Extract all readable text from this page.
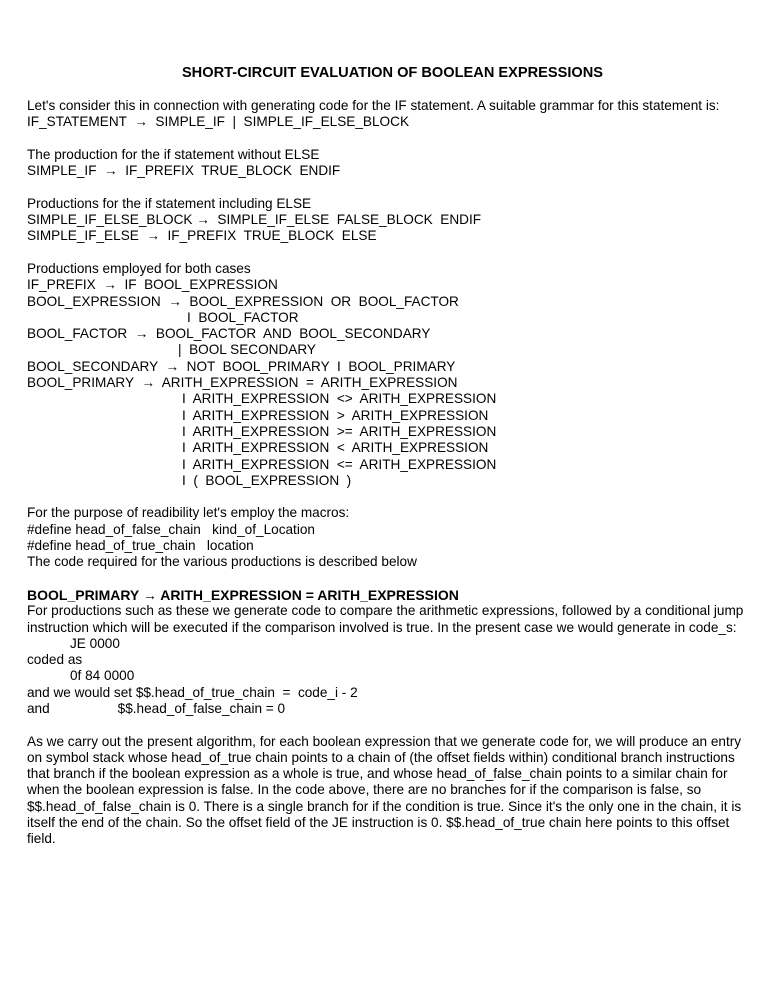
SHORT-CIRCUIT EVALUATION OF BOOLEAN EXPRESSIONS

Let's consider this in connection with generating code for the IF statement. A suitable grammar for this statement is:

IF_STATEMENT  →  SIMPLE_IF  |  SIMPLE_IF_ELSE_BLOCK

The production for the if statement without ELSE

SIMPLE_IF  →  IF_PREFIX  TRUE_BLOCK  ENDIF

Productions for the if statement including ELSE

SIMPLE_IF_ELSE_BLOCK →  SIMPLE_IF_ELSE  FALSE_BLOCK  ENDIF

SIMPLE_IF_ELSE  →  IF_PREFIX  TRUE_BLOCK  ELSE

Productions employed for both cases

IF_PREFIX  →  IF  BOOL_EXPRESSION

BOOL_EXPRESSION  →  BOOL_EXPRESSION  OR  BOOL_FACTOR

I  BOOL_FACTOR

BOOL_FACTOR  →  BOOL_FACTOR  AND  BOOL_SECONDARY

|  BOOL SECONDARY

BOOL_SECONDARY  →  NOT  BOOL_PRIMARY  I  BOOL_PRIMARY

BOOL_PRIMARY  →  ARITH_EXPRESSION  =  ARITH_EXPRESSION

I  ARITH_EXPRESSION  <>  ARITH_EXPRESSION

I  ARITH_EXPRESSION  >  ARITH_EXPRESSION

I  ARITH_EXPRESSION  >=  ARITH_EXPRESSION

I  ARITH_EXPRESSION  <  ARITH_EXPRESSION

I  ARITH_EXPRESSION  <=  ARITH_EXPRESSION

I  (  BOOL_EXPRESSION  )

For the purpose of readibility let's employ the macros:

#define head_of_false_chain   kind_of_Location

#define head_of_true_chain   location

The code required for the various productions is described below

BOOL_PRIMARY → ARITH_EXPRESSION = ARITH_EXPRESSION

For productions such as these we generate code to compare the arithmetic expressions, followed by a conditional jump instruction which will be executed if the comparison involved is true. In the present case we would generate in code_s:

JE 0000

coded as

0f 84 0000

and we would set $$.head_of_true_chain  =  code_i - 2

and                  $$.head_of_false_chain = 0

As we carry out the present algorithm, for each boolean expression that we generate code for, we will produce an entry on symbol stack whose head_of_true chain points to a chain of (the offset fields within) conditional branch instructions that branch if the boolean expression as a whole is true, and whose head_of_false_chain points to a similar chain for when the boolean expression is false. In the code above, there are no branches for if the comparison is false, so $$.head_of_false_chain is 0. There is a single branch for if the condition is true. Since it's the only one in the chain, it is itself the end of the chain. So the offset field of the JE instruction is 0. $$.head_of_true chain here points to this offset field.
